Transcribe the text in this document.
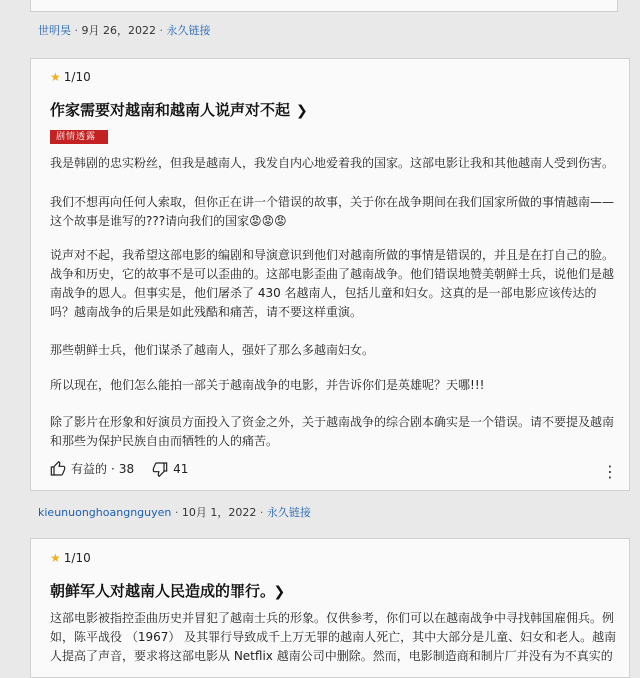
世明昊 · 9月 26，2022 · 永久链接
★ 1 /10
作家需要对越南和越南人说声对不起 ❯
剧情透露

我是韩剧的忠实粉丝，但我是越南人，我发自内心地爱着我的国家。这部电影让我和其他越南人受到伤害。

我们不想再向任何人索取，但你正在讲一个错误的故事，关于你在战争期间在我们国家所做的事情越南——这个故事是谁写的???请向我们的国家😡😡😡

说声对不起，我希望这部电影的编剧和导演意识到他们对越南所做的事情是错误的，并且是在打自己的脸。战争和历史，它的故事不是可以歪曲的。这部电影歪曲了越南战争。他们错误地赞美朝鲜士兵，说他们是越南战争的恩人。但事实是，他们屠杀了 430 名越南人，包括儿童和妇女。这真的是一部电影应该传达的吗？越南战争的后果是如此残酷和痛苦，请不要这样重演。

那些朝鲜士兵，他们谋杀了越南人，强奸了那么多越南妇女。

所以现在，他们怎么能拍一部关于越南战争的电影，并告诉你们是英雄呢？天哪!!!

除了影片在形象和好演员方面投入了资金之外，关于越南战争的综合剧本确实是一个错误。请不要提及越南和那些为保护民族自由而牺牲的人的痛苦。

有益的 · 38	41	⋮
kieunuonghoangnguyen · 10月 1，2022 · 永久链接
★ 1 /10
朝鲜军人对越南人民造成的罪行。 ❯

这部电影被指控歪曲历史并冒犯了越南士兵的形象。仅供参考，你们可以在越南战争中寻找韩国雇佣兵。例如，陈平战役 （1967） 及其罪行导致成千上万无罪的越南人死亡，其中大部分是儿童、妇女和老人。越南人提高了声音，要求将这部电影从 Netflix 越南公司中删除。然而，电影制造商和制片厂并没有为不真实的
